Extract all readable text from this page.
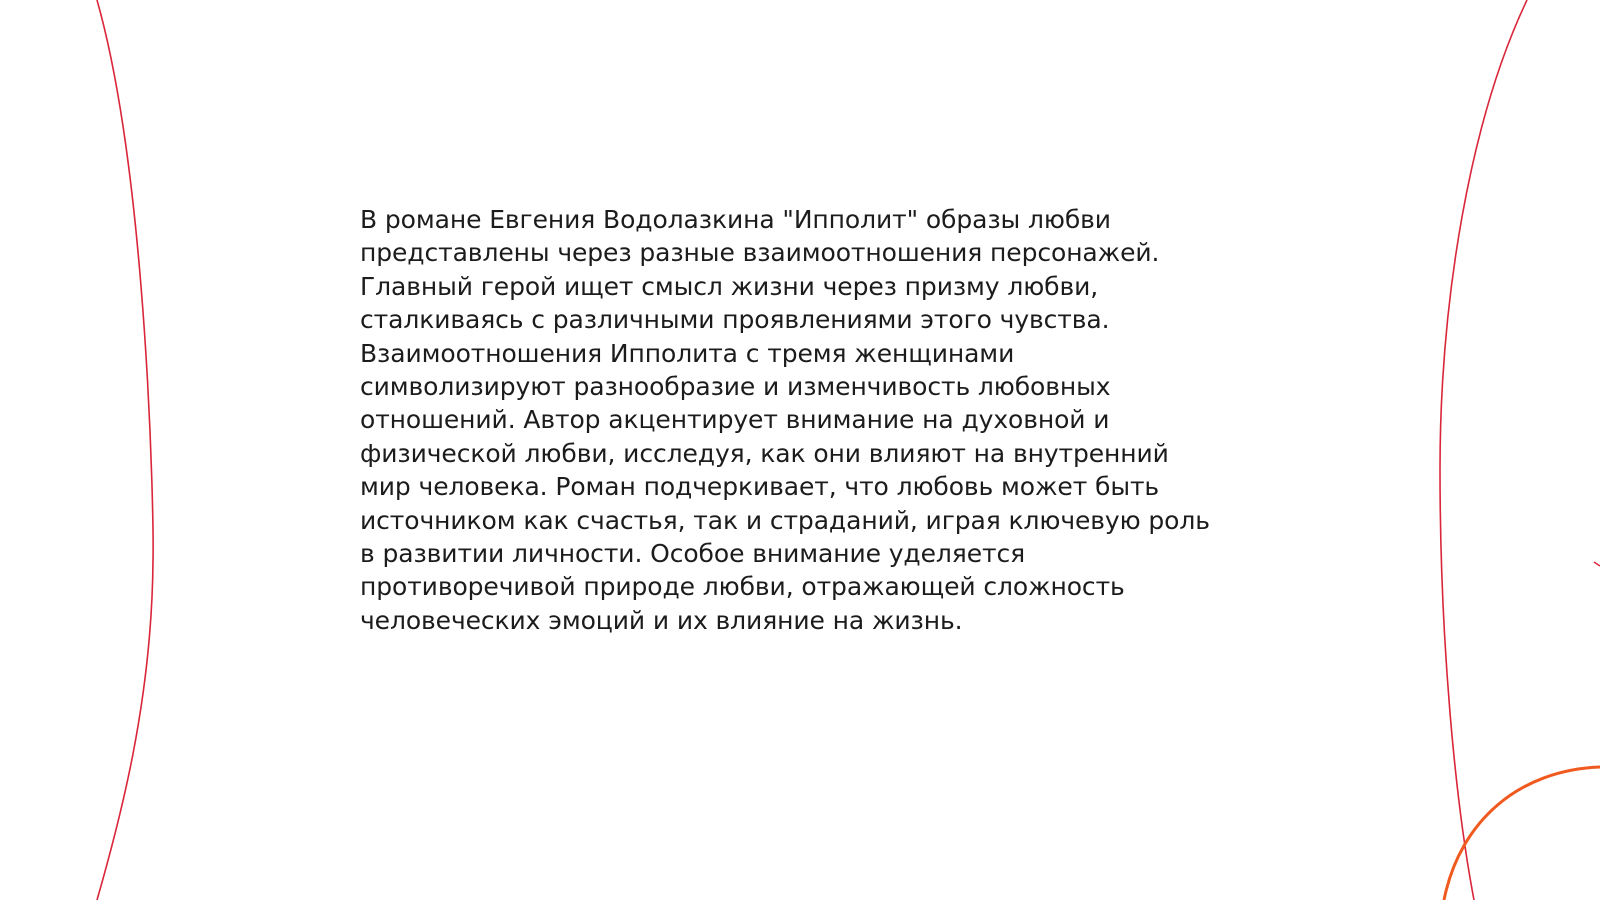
В романе Евгения Водолазкина "Ипполит" образы любви
представлены через разные взаимоотношения персонажей.
Главный герой ищет смысл жизни через призму любви,
сталкиваясь с различными проявлениями этого чувства.
Взаимоотношения Ипполита с тремя женщинами
символизируют разнообразие и изменчивость любовных
отношений. Автор акцентирует внимание на духовной и
физической любви, исследуя, как они влияют на внутренний
мир человека. Роман подчеркивает, что любовь может быть
источником как счастья, так и страданий, играя ключевую роль
в развитии личности. Особое внимание уделяется
противоречивой природе любви, отражающей сложность
человеческих эмоций и их влияние на жизнь.
